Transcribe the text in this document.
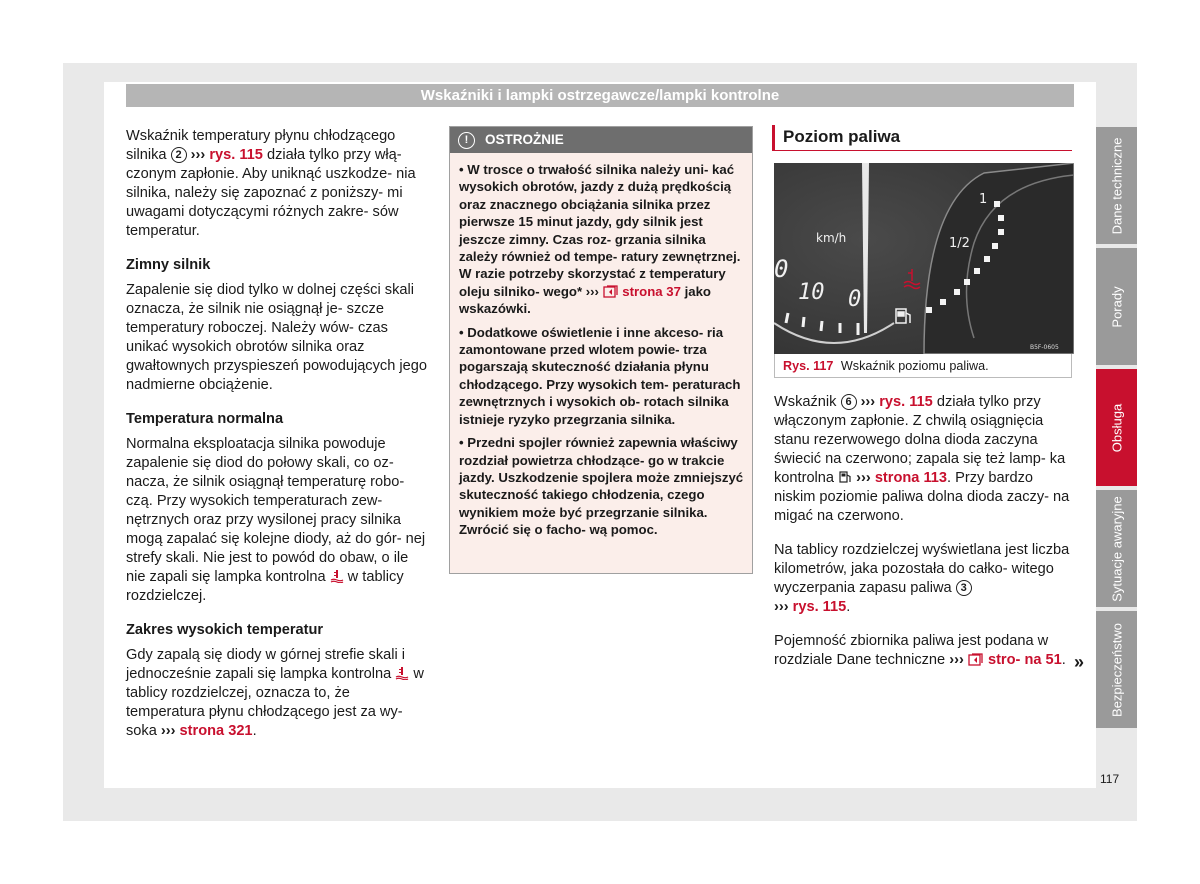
Wskaźniki i lampki ostrzegawcze/lampki kontrolne

Wskaźnik temperatury płynu chłodzącego silnika 2 ››› rys. 115 działa tylko przy włą- czonym zapłonie. Aby uniknąć uszkodze- nia silnika, należy się zapoznać z poniższy- mi uwagami dotyczącymi różnych zakre- sów temperatur.

Zimny silnik

Zapalenie się diod tylko w dolnej części skali oznacza, że silnik nie osiągnął je- szcze temperatury roboczej. Należy wów- czas unikać wysokich obrotów silnika oraz gwałtownych przyspieszeń powodujących jego nadmierne obciążenie.

Temperatura normalna

Normalna eksploatacja silnika powoduje zapalenie się diod do połowy skali, co oz- nacza, że silnik osiągnął temperaturę robo- czą. Przy wysokich temperaturach zew- nętrznych oraz przy wysilonej pracy silnika mogą zapalać się kolejne diody, aż do gór- nej strefy skali. Nie jest to powód do obaw, o ile nie zapali się lampka kontrolna  w tablicy rozdzielczej.

Zakres wysokich temperatur

Gdy zapalą się diody w górnej strefie skali i jednocześnie zapali się lampka kontrolna  w tablicy rozdzielczej, oznacza to, że temperatura płynu chłodzącego jest za wy- soka ››› strona 321.

! OSTROŻNIE

• W trosce o trwałość silnika należy uni- kać wysokich obrotów, jazdy z dużą prędkością oraz znacznego obciążania silnika przez pierwsze 15 minut jazdy, gdy silnik jest jeszcze zimny. Czas roz- grzania silnika zależy również od tempe- ratury zewnętrznej. W razie potrzeby skorzystać z temperatury oleju silniko- wego* ››› strona 37 jako wskazówki.

• Dodatkowe oświetlenie i inne akceso- ria zamontowane przed wlotem powie- trza pogarszają skuteczność działania płynu chłodzącego. Przy wysokich tem- peraturach zewnętrznych i wysokich ob- rotach silnika istnieje ryzyko przegrzania silnika.

• Przedni spojler również zapewnia właściwy rozdział powietrza chłodzące- go w trakcie jazdy. Uszkodzenie spojlera może zmniejszyć skuteczność takiego chłodzenia, czego wynikiem może być przegrzanie silnika. Zwrócić się o facho- wą pomoc.

Poziom paliwa
km/h
0
10 0
1
1/2
B5F-0605
Rys. 117 Wskaźnik poziomu paliwa.

Wskaźnik 6 ››› rys. 115 działa tylko przy włączonym zapłonie. Z chwilą osiągnięcia stanu rezerwowego dolna dioda zaczyna świecić na czerwono; zapala się też lamp- ka kontrolna  ››› strona 113. Przy bardzo niskim poziomie paliwa dolna dioda zaczy- na migać na czerwono.

Na tablicy rozdzielczej wyświetlana jest liczba kilometrów, jaka pozostała do całko- witego wyczerpania zapasu paliwa 3
››› rys. 115.

Pojemność zbiornika paliwa jest podana w rozdziale Dane techniczne ››› stro- na 51. »
Dane techniczne
Porady
Obsługa
Sytuacje awaryjne
Bezpieczeństwo
117
